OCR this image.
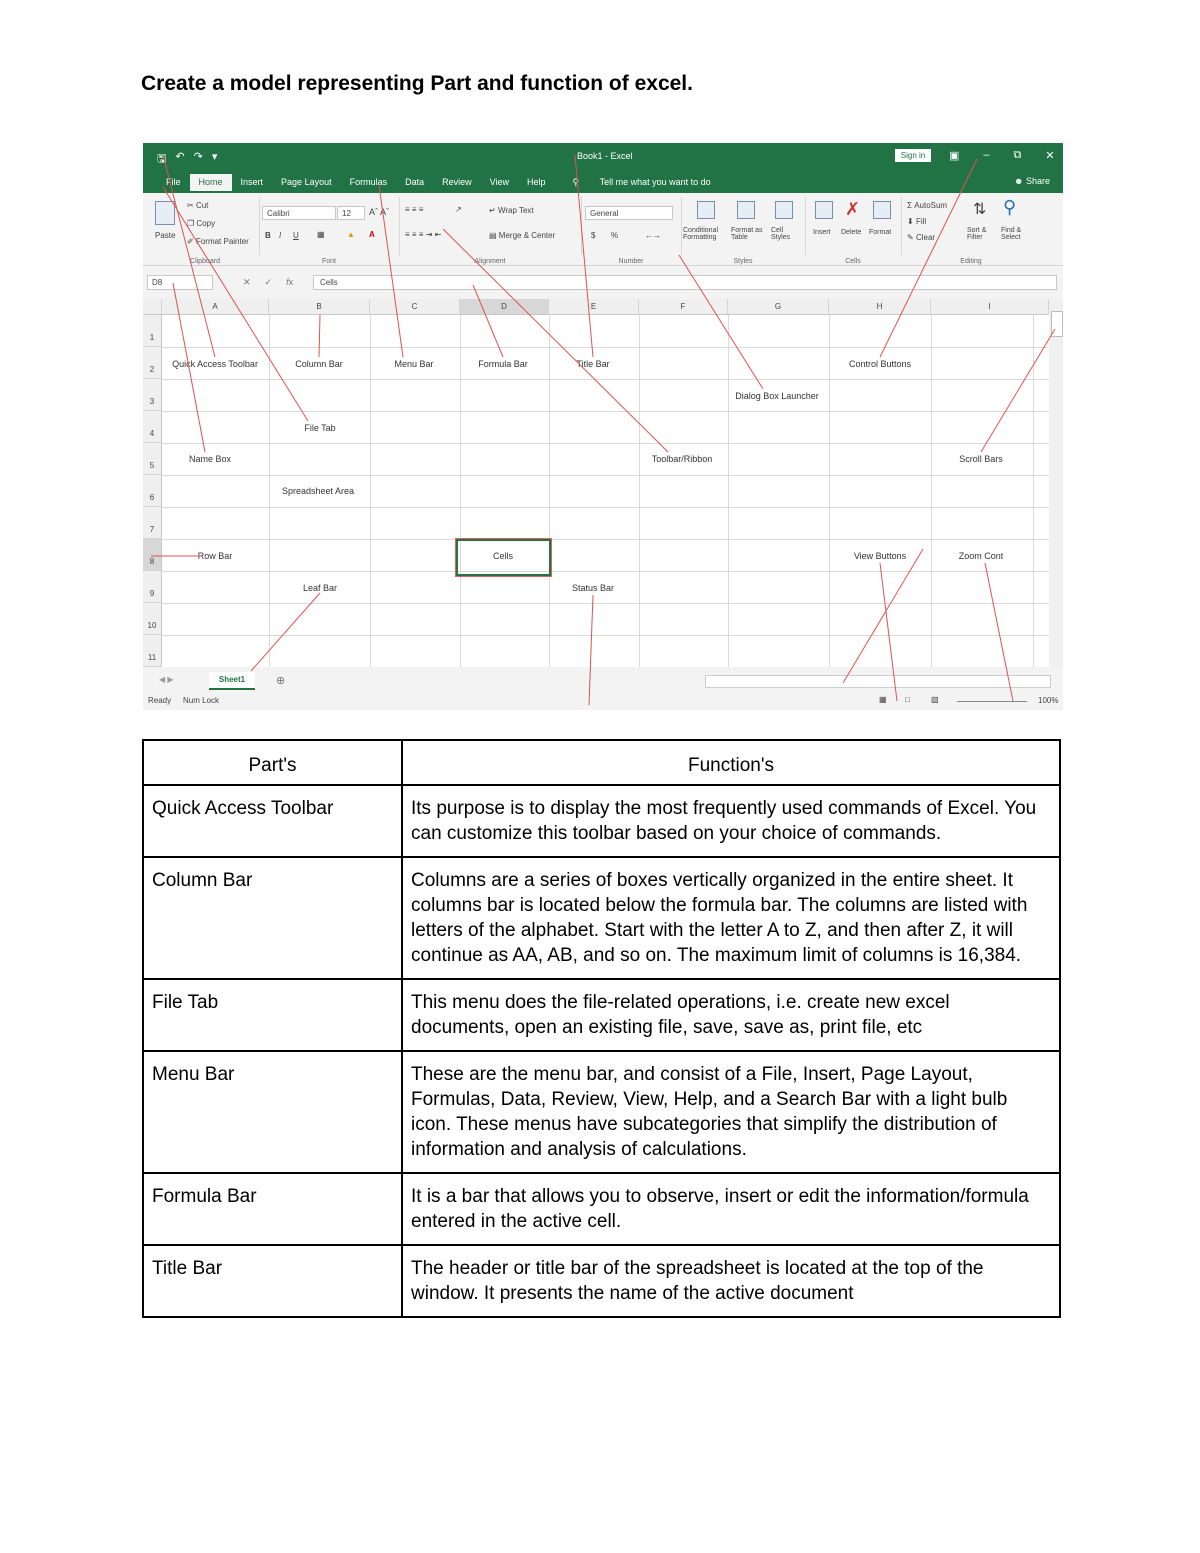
Create a model representing Part and function of excel.
🖫 ↶ ↷ ▾	Book1 - Excel	Sign in	▣ – ⧉ ✕
File	Home	Insert	Page Layout	Formulas	Data	Review	View	Help	⚲ Tell me what you want to do	☻ Share
Paste
✂ Cut
❐ Copy
✐ Format Painter
Clipboard
Calibri	12	Aˆ Aˇ
B I U ▦	▲ A
Font
≡ ≡ ≡	↗	↵ Wrap Text
≡ ≡ ≡ ⇥ ⇤	▤ Merge & Center
Alignment
General
$ %	←→
Number
Conditional Formatting
Format as Table
Cell Styles
Styles
✗
Insert Delete Format
Cells
Σ AutoSum
⬇ Fill
✎ Clear
⇅ ⚲
Sort & Filter
Find & Select
Editing
D8	✕ ✓ fx	Cells
A	B	C	D	E	F	G	H	I
1
2
3
4
5
6
7
8
9
10
11
◀ ▶	Sheet1	⊕
Ready Num Lock	▦ □	▧	100%
Quick Access Toolbar	Column Bar	Menu Bar	Formula Bar	Title Bar	Control Buttons
Dialog Box Launcher
File Tab
Name Box	Toolbar/Ribbon	Scroll Bars
Spreadsheet Area
Row Bar	Cells	View Buttons	Zoom Cont
Leaf Bar	Status Bar
Part's	Function's
Quick Access Toolbar	Its purpose is to display the most frequently used commands of Excel. You can customize this toolbar based on your choice of commands.
Column Bar	Columns are a series of boxes vertically organized in the entire sheet. It columns bar is located below the formula bar. The columns are listed with letters of the alphabet. Start with the letter A to Z, and then after Z, it will continue as AA, AB, and so on. The maximum limit of columns is 16,384.
File Tab	This menu does the file-related operations, i.e. create new excel documents, open an existing file, save, save as, print file, etc
Menu Bar	These are the menu bar, and consist of a File, Insert, Page Layout, Formulas, Data, Review, View, Help, and a Search Bar with a light bulb icon. These menus have subcategories that simplify the distribution of information and analysis of calculations.
Formula Bar	It is a bar that allows you to observe, insert or edit the information/formula entered in the active cell.
Title Bar	The header or title bar of the spreadsheet is located at the top of the window. It presents the name of the active document
